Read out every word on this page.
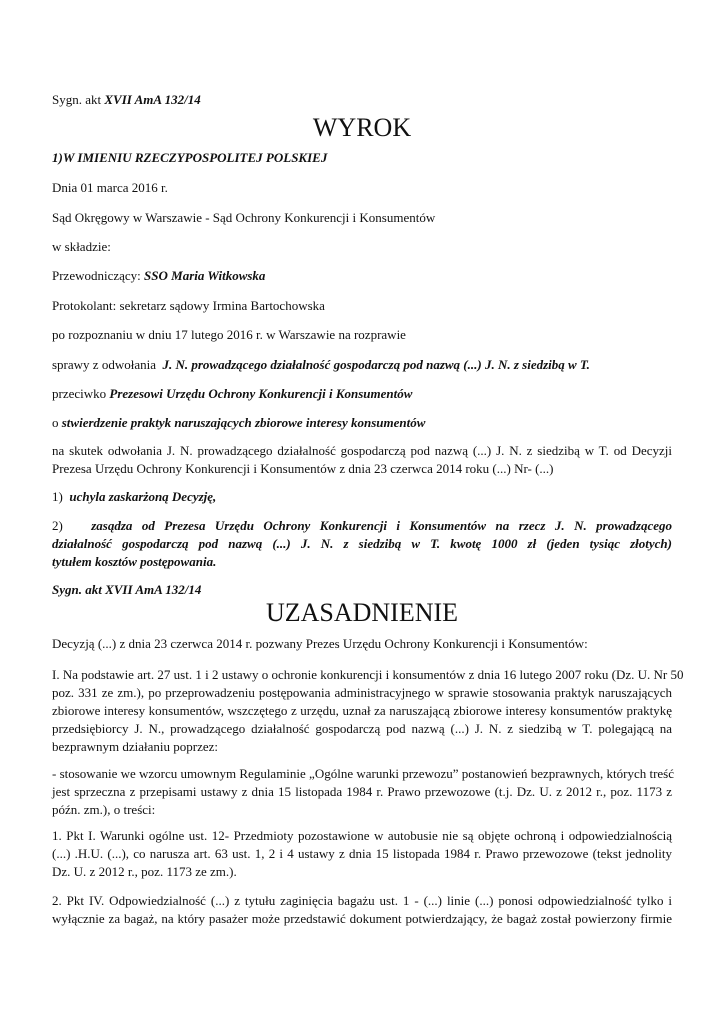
Sygn. akt XVII AmA 132/14
WYROK
1)W IMIENIU RZECZYPOSPOLITEJ POLSKIEJ
Dnia 01 marca 2016 r.
Sąd Okręgowy w Warszawie - Sąd Ochrony Konkurencji i Konsumentów
w składzie:
Przewodniczący: SSO Maria Witkowska
Protokolant: sekretarz sądowy Irmina Bartochowska
po rozpoznaniu w dniu 17 lutego 2016 r. w Warszawie na rozprawie
sprawy z odwołania J. N. prowadzącego działalność gospodarczą pod nazwą (...) J. N. z siedzibą w T.
przeciwko Prezesowi Urzędu Ochrony Konkurencji i Konsumentów
o stwierdzenie praktyk naruszających zbiorowe interesy konsumentów
na skutek odwołania J. N. prowadzącego działalność gospodarczą pod nazwą (...) J. N. z siedzibą w T. od Decyzji
Prezesa Urzędu Ochrony Konkurencji i Konsumentów z dnia 23 czerwca 2014 roku (...) Nr- (...)
1) uchyla zaskarżoną Decyzję,
2) zasądza od Prezesa Urzędu Ochrony Konkurencji i Konsumentów na rzecz J. N. prowadzącego
działalność gospodarczą pod nazwą (...) J. N. z siedzibą w T. kwotę 1000 zł (jeden tysiąc złotych)
tytułem kosztów postępowania.
Sygn. akt XVII AmA 132/14
UZASADNIENIE
Decyzją (...) z dnia 23 czerwca 2014 r. pozwany Prezes Urzędu Ochrony Konkurencji i Konsumentów:
I. Na podstawie art. 27 ust. 1 i 2 ustawy o ochronie konkurencji i konsumentów z dnia 16 lutego 2007 roku (Dz. U. Nr 50
poz. 331 ze zm.), po przeprowadzeniu postępowania administracyjnego w sprawie stosowania praktyk naruszających
zbiorowe interesy konsumentów, wszczętego z urzędu, uznał za naruszającą zbiorowe interesy konsumentów praktykę
przedsiębiorcy J. N., prowadzącego działalność gospodarczą pod nazwą (...) J. N. z siedzibą w T. polegającą na
bezprawnym działaniu poprzez:
- stosowanie we wzorcu umownym Regulaminie „Ogólne warunki przewozu” postanowień bezprawnych, których treść
jest sprzeczna z przepisami ustawy z dnia 15 listopada 1984 r. Prawo przewozowe (t.j. Dz. U. z 2012 r., poz. 1173 z
późn. zm.), o treści:
1. Pkt I. Warunki ogólne ust. 12- Przedmioty pozostawione w autobusie nie są objęte ochroną i odpowiedzialnością
(...) .H.U. (...), co narusza art. 63 ust. 1, 2 i 4 ustawy z dnia 15 listopada 1984 r. Prawo przewozowe (tekst jednolity
Dz. U. z 2012 r., poz. 1173 ze zm.).
2. Pkt IV. Odpowiedzialność (...) z tytułu zaginięcia bagażu ust. 1 - (...) linie (...) ponosi odpowiedzialność tylko i
wyłącznie za bagaż, na który pasażer może przedstawić dokument potwierdzający, że bagaż został powierzony firmie
